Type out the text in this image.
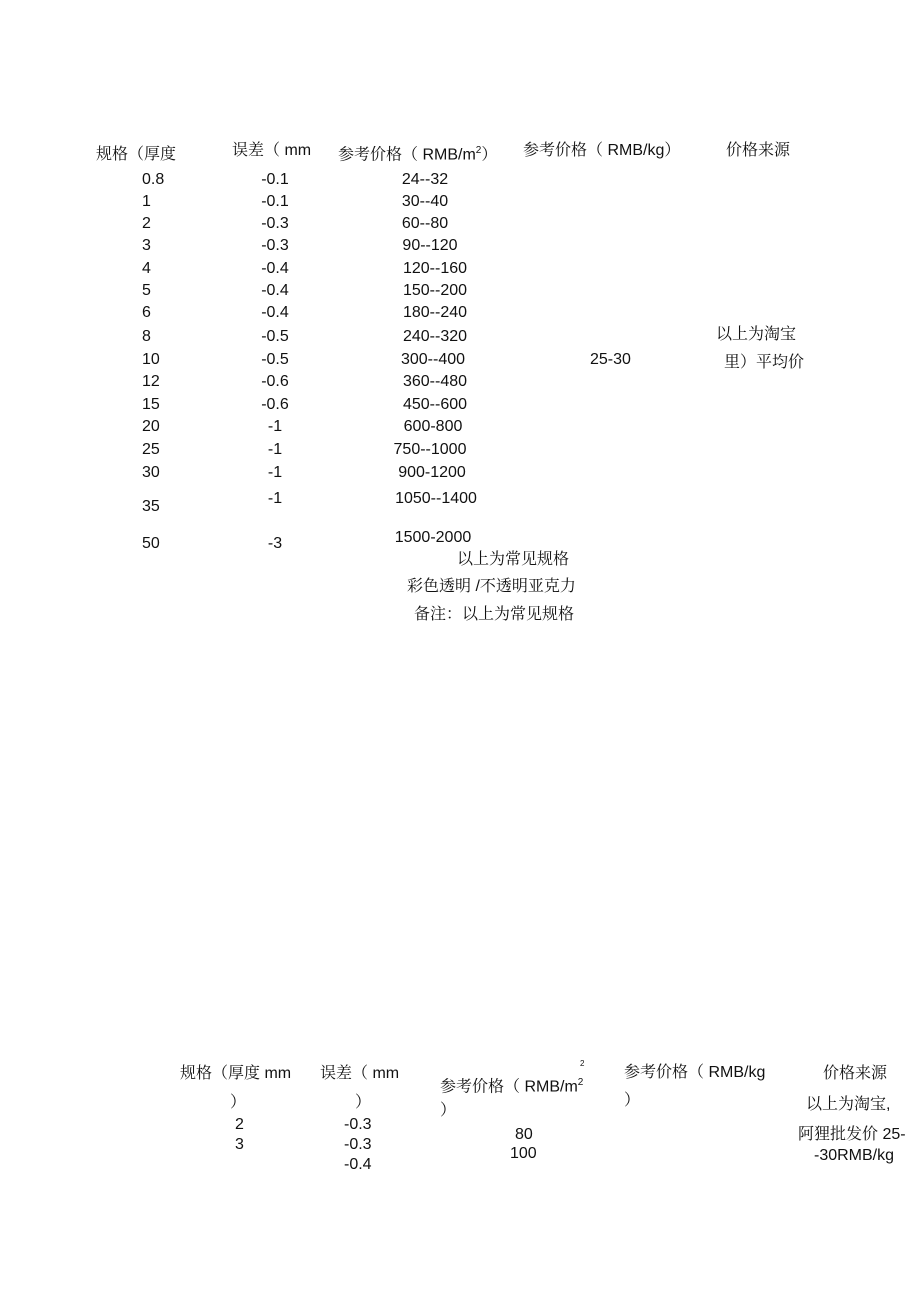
规格（厚度	误差（ mm 参考价格（ RMB/$m^2$） 参考价格（ RMB/kg）	价格来源
0.8
1
2
3
4
5
6
8
10
12
15
20
25
30
35
50
-0.1
-0.1
-0.3
-0.3
-0.4
-0.4
-0.4
-0.5
-0.5
-0.6
-0.6
-1
-1
-1
-1
-3
24--32
30--40
60--80
90--120
120--160
150--200
180--240
240--320
300--400
360--480
450--600
600-800
750--1000
900-1200
1050--1400
1500-2000
25-30
以上为淘宝
里）平均价
以上为常见规格
彩色透明 /不透明亚克力
备注：以上为常见规格
规格（厚度 mm
）
误差（ mm
）
2
参考价格（ RMB/$m^2$
）
参考价格（ RMB/kg
）
价格来源
2
3
-0.3
-0.3
-0.4
80
100
以上为淘宝,
阿狸批发价 25-
-30RMB/kg
